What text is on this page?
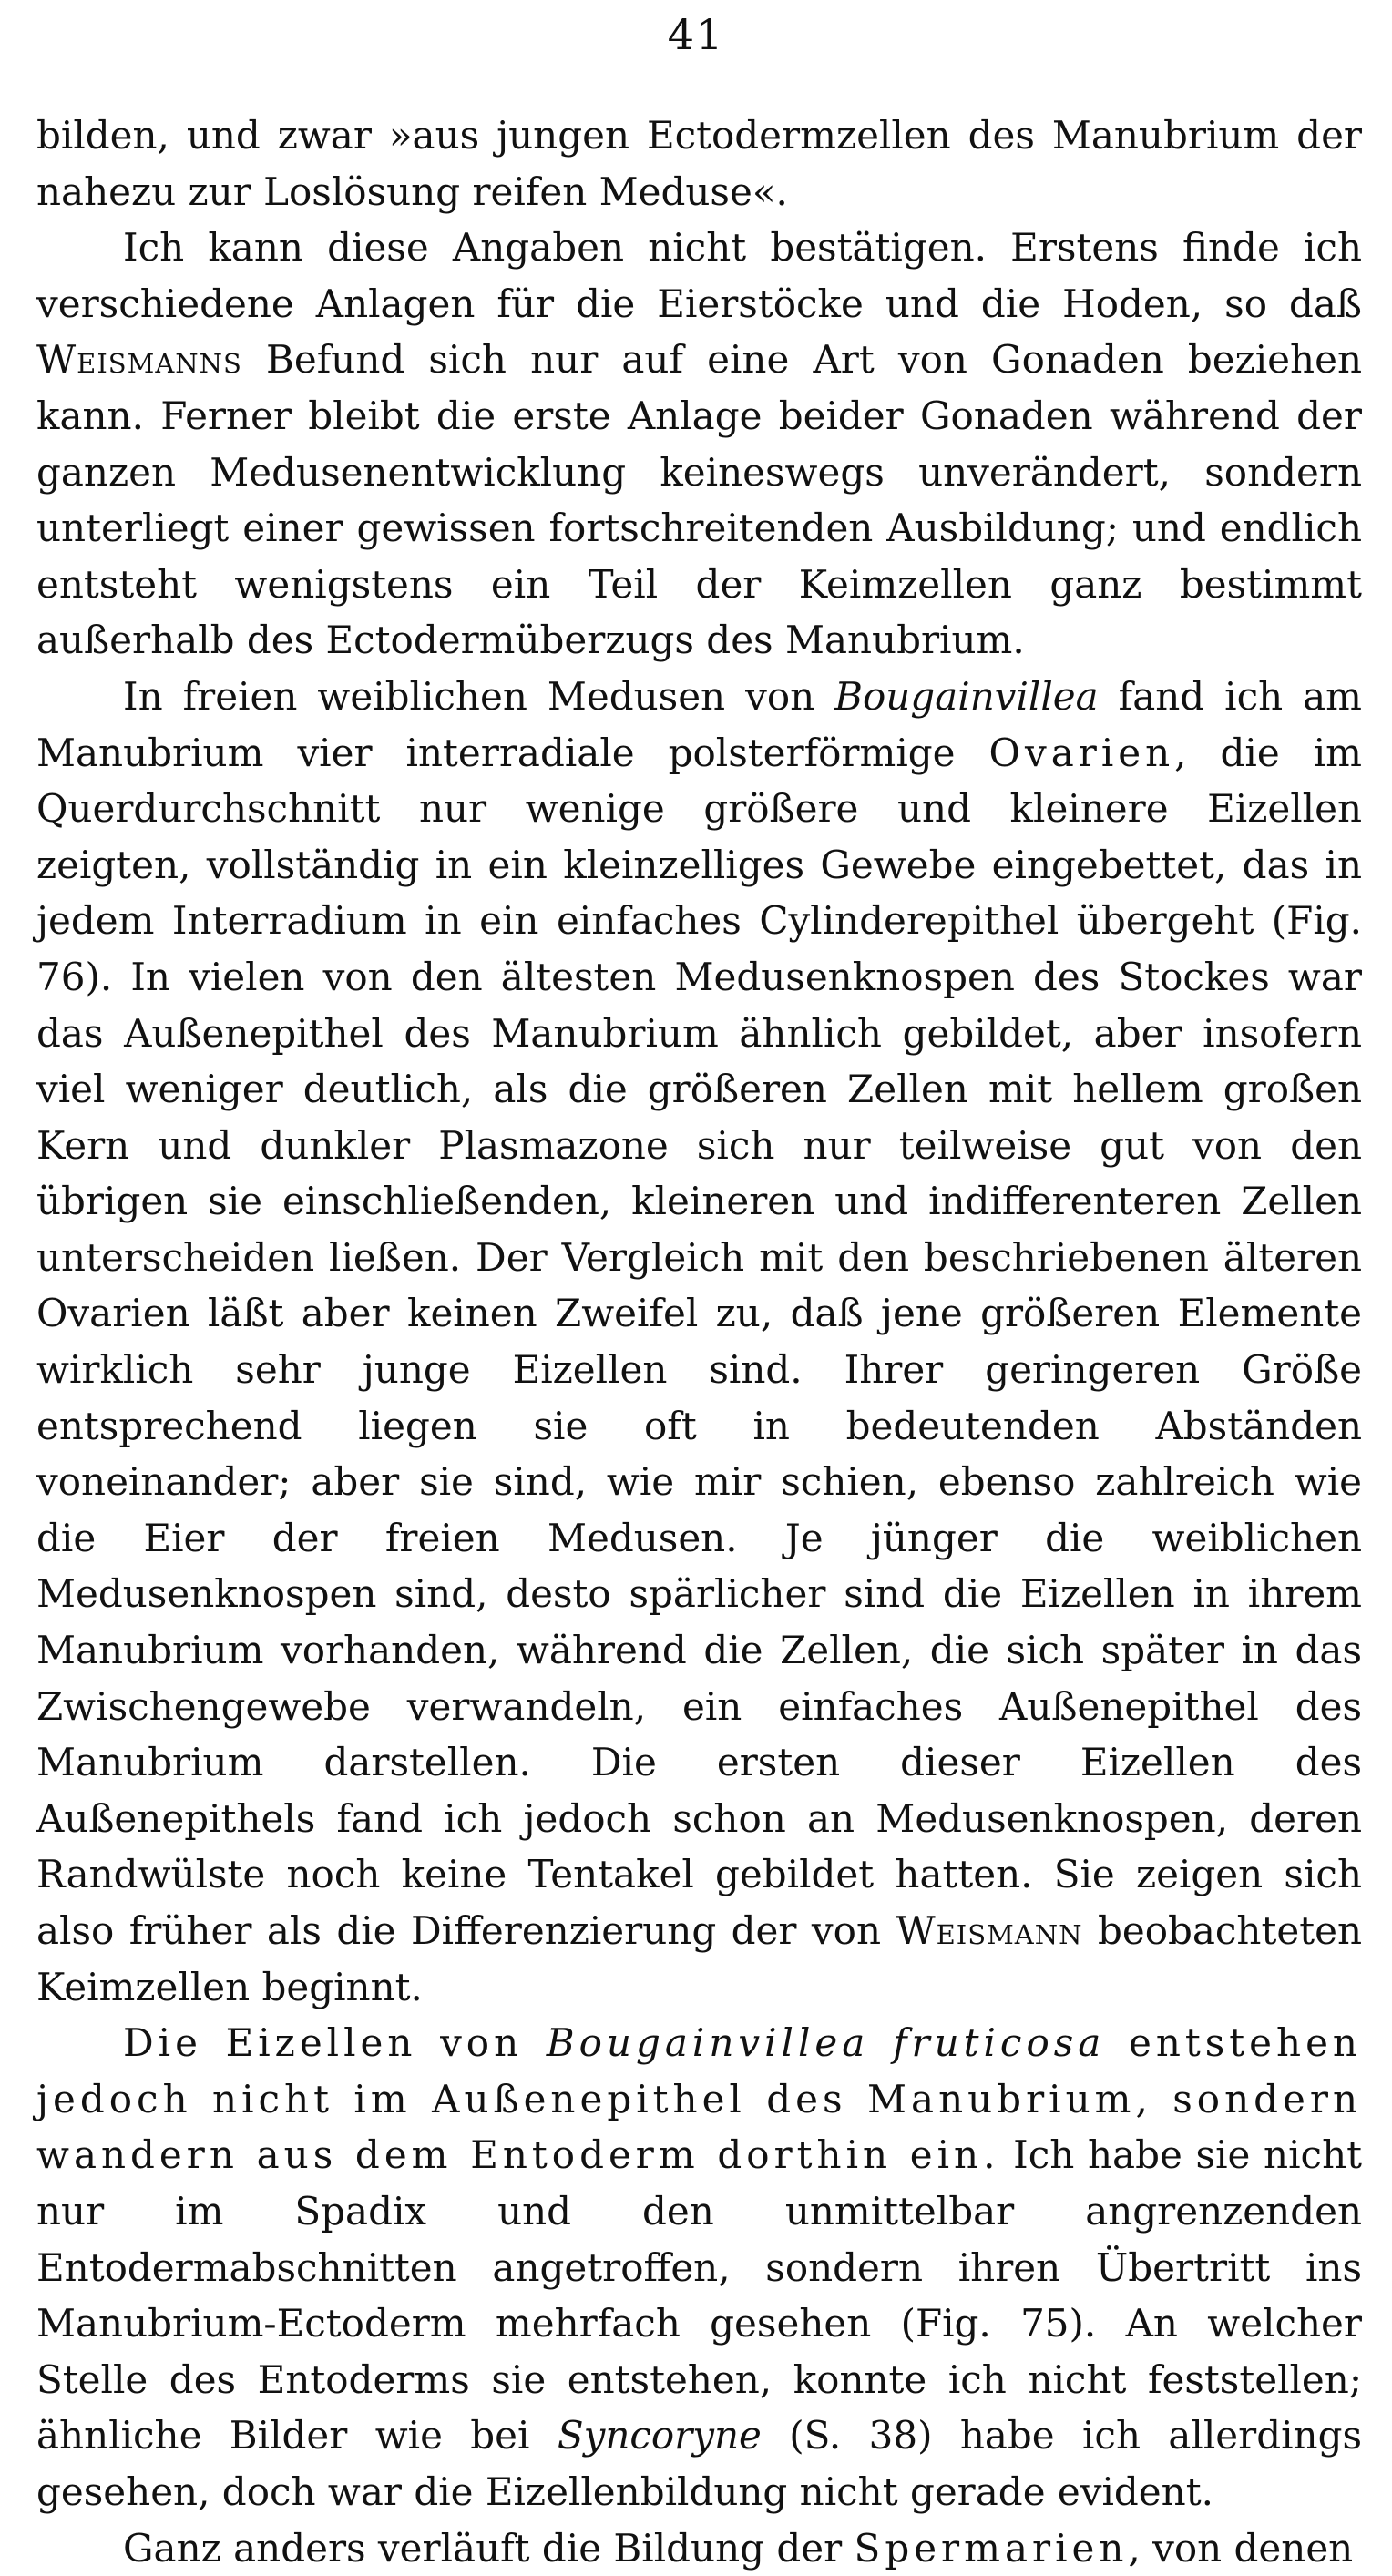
41

bilden, und zwar »aus jungen Ectodermzellen des Manubrium der nahezu zur Loslösung reifen Meduse«.

Ich kann diese Angaben nicht bestätigen. Erstens finde ich verschiedene Anlagen für die Eierstöcke und die Hoden, so daß Weismanns Befund sich nur auf eine Art von Gonaden beziehen kann. Ferner bleibt die erste Anlage beider Gonaden während der ganzen Medusenentwicklung keineswegs unverändert, sondern unterliegt einer gewissen fortschreitenden Ausbildung; und endlich entsteht wenigstens ein Teil der Keimzellen ganz bestimmt außerhalb des Ectodermüberzugs des Manubrium.

In freien weiblichen Medusen von Bougainvillea fand ich am Manubrium vier interradiale polsterförmige Ovarien, die im Querdurchschnitt nur wenige größere und kleinere Eizellen zeigten, vollständig in ein kleinzelliges Gewebe eingebettet, das in jedem Interradium in ein einfaches Cylinderepithel übergeht (Fig. 76). In vielen von den ältesten Medusenknospen des Stockes war das Außenepithel des Manubrium ähnlich gebildet, aber insofern viel weniger deutlich, als die größeren Zellen mit hellem großen Kern und dunkler Plasmazone sich nur teilweise gut von den übrigen sie einschließenden, kleineren und indifferenteren Zellen unterscheiden ließen. Der Vergleich mit den beschriebenen älteren Ovarien läßt aber keinen Zweifel zu, daß jene größeren Elemente wirklich sehr junge Eizellen sind. Ihrer geringeren Größe entsprechend liegen sie oft in bedeutenden Abständen voneinander; aber sie sind, wie mir schien, ebenso zahlreich wie die Eier der freien Medusen. Je jünger die weiblichen Medusenknospen sind, desto spärlicher sind die Eizellen in ihrem Manubrium vorhanden, während die Zellen, die sich später in das Zwischengewebe verwandeln, ein einfaches Außenepithel des Manubrium darstellen. Die ersten dieser Eizellen des Außenepithels fand ich jedoch schon an Medusenknospen, deren Randwülste noch keine Tentakel gebildet hatten. Sie zeigen sich also früher als die Differenzierung der von Weismann beobachteten Keimzellen beginnt.

Die Eizellen von Bougainvillea fruticosa entstehen jedoch nicht im Außenepithel des Manubrium, sondern wandern aus dem Entoderm dorthin ein. Ich habe sie nicht nur im Spadix und den unmittelbar angrenzenden Entodermabschnitten angetroffen, sondern ihren Übertritt ins Manubrium-Ectoderm mehrfach gesehen (Fig. 75). An welcher Stelle des Entoderms sie entstehen, konnte ich nicht feststellen; ähnliche Bilder wie bei Syncoryne (S. 38) habe ich allerdings gesehen, doch war die Eizellenbildung nicht gerade evident.

Ganz anders verläuft die Bildung der Spermarien, von denen
